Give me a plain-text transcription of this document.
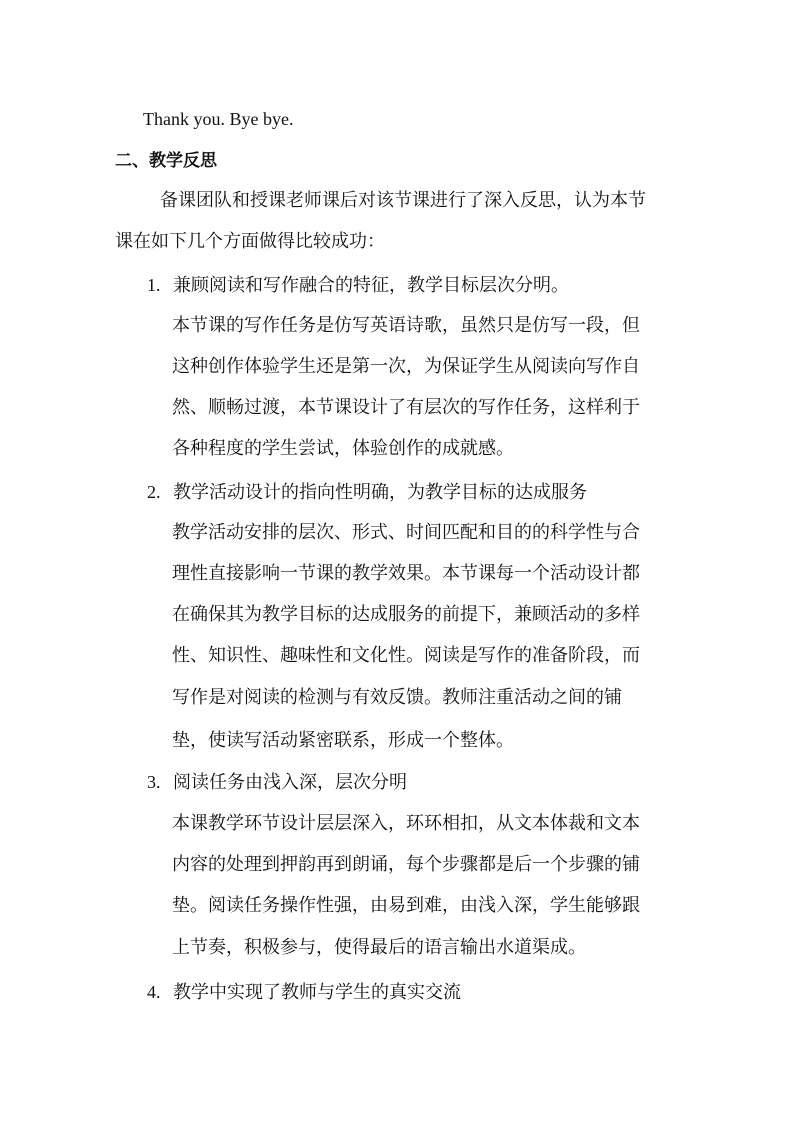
Thank you. Bye bye.
二、教学反思
备课团队和授课老师课后对该节课进行了深入反思，认为本节
课在如下几个方面做得比较成功：
1. 兼顾阅读和写作融合的特征，教学目标层次分明。
本节课的写作任务是仿写英语诗歌，虽然只是仿写一段，但
这种创作体验学生还是第一次，为保证学生从阅读向写作自
然、顺畅过渡，本节课设计了有层次的写作任务，这样利于
各种程度的学生尝试，体验创作的成就感。
2. 教学活动设计的指向性明确，为教学目标的达成服务
教学活动安排的层次、形式、时间匹配和目的的科学性与合
理性直接影响一节课的教学效果。本节课每一个活动设计都
在确保其为教学目标的达成服务的前提下，兼顾活动的多样
性、知识性、趣味性和文化性。阅读是写作的准备阶段，而
写作是对阅读的检测与有效反馈。教师注重活动之间的铺
垫，使读写活动紧密联系，形成一个整体。
3. 阅读任务由浅入深，层次分明
本课教学环节设计层层深入，环环相扣，从文本体裁和文本
内容的处理到押韵再到朗诵，每个步骤都是后一个步骤的铺
垫。阅读任务操作性强，由易到难，由浅入深，学生能够跟
上节奏，积极参与，使得最后的语言输出水道渠成。
4. 教学中实现了教师与学生的真实交流
